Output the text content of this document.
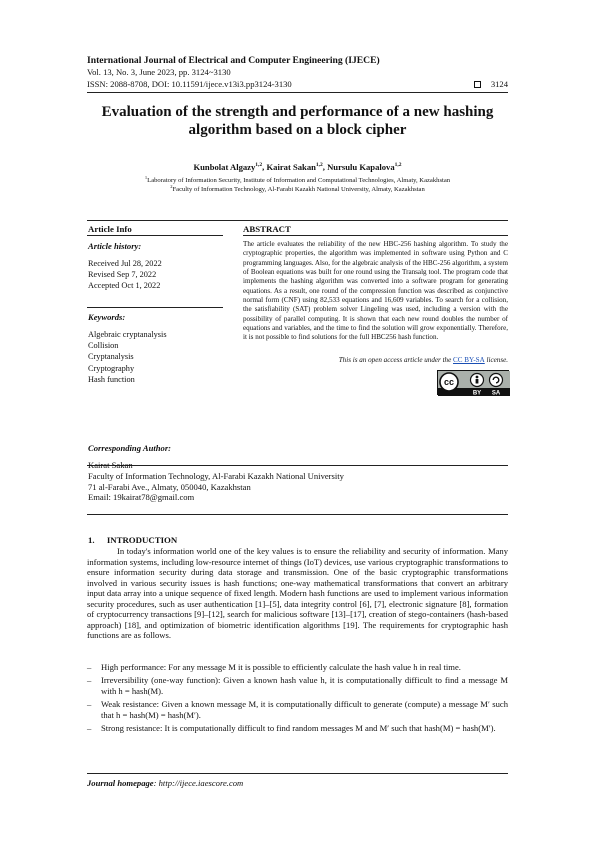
International Journal of Electrical and Computer Engineering (IJECE)
Vol. 13, No. 3, June 2023, pp. 3124~3130
ISSN: 2088-8708, DOI: 10.11591/ijece.v13i3.pp3124-3130	3124
Evaluation of the strength and performance of a new hashing algorithm based on a block cipher
Kunbolat Algazy$^{1,2}$, Kairat Sakan$^{1,2}$, Nursulu Kapalova$^{1,2}$
$^1$Laboratory of Information Security, Institute of Information and Computational Technologies, Almaty, Kazakhstan
$^2$Faculty of Information Technology, Al-Farabi Kazakh National University, Almaty, Kazakhstan
Article Info	ABSTRACT
Article history:
Received Jul 28, 2022
Revised Sep 7, 2022
Accepted Oct 1, 2022
Keywords:
Algebraic cryptanalysis
Collision
Cryptanalysis
Cryptography
Hash function
The article evaluates the reliability of the new HBC-256 hashing algorithm. To study the cryptographic properties, the algorithm was implemented in software using Python and C programming languages. Also, for the algebraic analysis of the HBC-256 algorithm, a system of Boolean equations was built for one round using the Transalg tool. The program code that implements the hashing algorithm was converted into a software program for generating equations. As a result, one round of the compression function was described as conjunctive normal form (CNF) using 82,533 equations and 16,609 variables. To search for a collision, the satisfiability (SAT) problem solver Lingeling was used, including a version with the possibility of parallel computing. It is shown that each new round doubles the number of equations and variables, and the time to find the solution will grow exponentially. Therefore, it is not possible to find solutions for the full HBC256 hash function.
This is an open access article under the CC BY-SA license.
cc
BY SA
Corresponding Author:
Kairat Sakan
Faculty of Information Technology, Al-Farabi Kazakh National University
71 al-Farabi Ave., Almaty, 050040, Kazakhstan
Email: 19kairat78@gmail.com
1. INTRODUCTION
In today's information world one of the key values is to ensure the reliability and security of information. Many information systems, including low-resource internet of things (IoT) devices, use various cryptographic transformations to ensure information security during data storage and transmission. One of the basic cryptographic transformations involved in various security issues is hash functions; one-way mathematical transformations that convert an arbitrary input data array into a unique sequence of fixed length. Modern hash functions are used to implement various information security procedures, such as user authentication [1]–[5], data integrity control [6], [7], electronic signature [8], formation of cryptocurrency transactions [9]–[12], search for malicious software [13]–[17], creation of stego-containers (hash-based approach) [18], and optimization of biometric identification algorithms [19]. The requirements for cryptographic hash functions are as follows.
– High performance: For any message M it is possible to efficiently calculate the hash value h in real time.
– Irreversibility (one-way function): Given a known hash value h, it is computationally difficult to find a message M with h = hash(M).
– Weak resistance: Given a known message M, it is computationally difficult to generate (compute) a message M′ such that h = hash(M) = hash(M′).
– Strong resistance: It is computationally difficult to find random messages M and M′ such that hash(M) = hash(M′).
Journal homepage: http://ijece.iaescore.com
